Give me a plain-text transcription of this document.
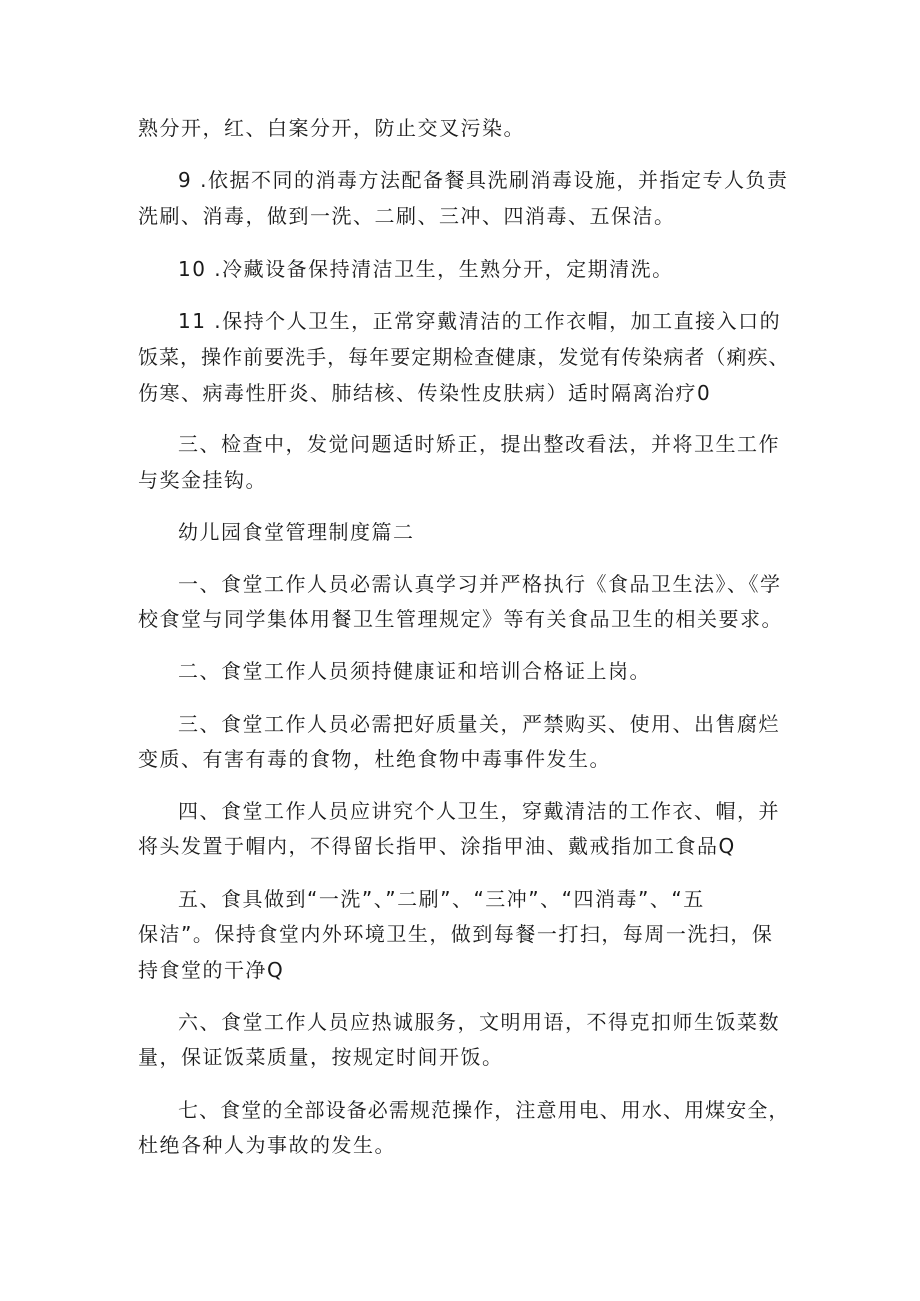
熟分开，红、白案分开，防止交叉污染。

9 .依据不同的消毒方法配备餐具洗刷消毒设施，并指定专人负责

洗刷、消毒，做到一洗、二刷、三冲、四消毒、五保洁。

10 .冷藏设备保持清洁卫生，生熟分开，定期清洗。

11 .保持个人卫生，正常穿戴清洁的工作衣帽，加工直接入口的

饭菜，操作前要洗手，每年要定期检查健康，发觉有传染病者（痢疾、

伤寒、病毒性肝炎、肺结核、传染性皮肤病）适时隔离治疗0

三、检查中，发觉问题适时矫正，提出整改看法，并将卫生工作

与奖金挂钩。

幼儿园食堂管理制度篇二

一、食堂工作人员必需认真学习并严格执行《食品卫生法》、《学

校食堂与同学集体用餐卫生管理规定》等有关食品卫生的相关要求。

二、食堂工作人员须持健康证和培训合格证上岗。

三、食堂工作人员必需把好质量关，严禁购买、使用、出售腐烂

变质、有害有毒的食物，杜绝食物中毒事件发生。

四、食堂工作人员应讲究个人卫生，穿戴清洁的工作衣、帽，并

将头发置于帽内，不得留长指甲、涂指甲油、戴戒指加工食品Q

五、食具做到“一洗”、”二刷”、“三冲”、“四消毒”、“五

保洁”。保持食堂内外环境卫生，做到每餐一打扫，每周一洗扫，保

持食堂的干净Q

六、食堂工作人员应热诚服务，文明用语，不得克扣师生饭菜数

量，保证饭菜质量，按规定时间开饭。

七、食堂的全部设备必需规范操作，注意用电、用水、用煤安全，

杜绝各种人为事故的发生。
